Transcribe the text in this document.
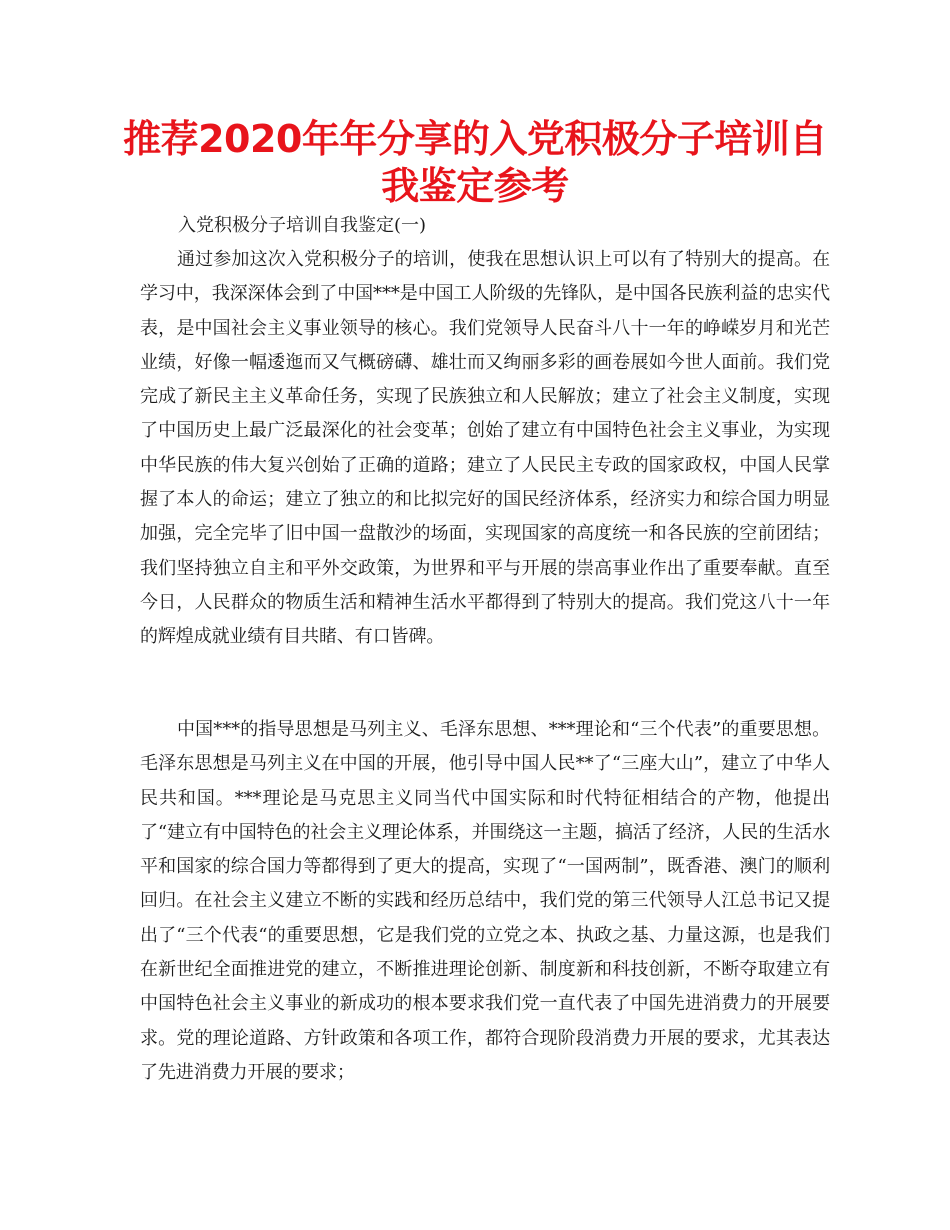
推荐2020年年分享的入党积极分子培训自我鉴定参考
入党积极分子培训自我鉴定(一)

通过参加这次入党积极分子的培训，使我在思想认识上可以有了特别大的提高。在学习中，我深深体会到了中国***是中国工人阶级的先锋队，是中国各民族利益的忠实代表，是中国社会主义事业领导的核心。我们党领导人民奋斗八十一年的峥嵘岁月和光芒业绩，好像一幅逶迤而又气概磅礴、雄壮而又绚丽多彩的画卷展如今世人面前。我们党完成了新民主主义革命任务，实现了民族独立和人民解放；建立了社会主义制度，实现了中国历史上最广泛最深化的社会变革；创始了建立有中国特色社会主义事业，为实现中华民族的伟大复兴创始了正确的道路；建立了人民民主专政的国家政权，中国人民掌握了本人的命运；建立了独立的和比拟完好的国民经济体系，经济实力和综合国力明显加强，完全完毕了旧中国一盘散沙的场面，实现国家的高度统一和各民族的空前团结；我们坚持独立自主和平外交政策，为世界和平与开展的崇高事业作出了重要奉献。直至今日，人民群众的物质生活和精神生活水平都得到了特别大的提高。我们党这八十一年的辉煌成就业绩有目共睹、有口皆碑。

中国***的指导思想是马列主义、毛泽东思想、***理论和“三个代表”的重要思想。毛泽东思想是马列主义在中国的开展，他引导中国人民**了“三座大山”，建立了中华人民共和国。***理论是马克思主义同当代中国实际和时代特征相结合的产物，他提出了“建立有中国特色的社会主义理论体系，并围绕这一主题，搞活了经济，人民的生活水平和国家的综合国力等都得到了更大的提高，实现了“一国两制”，既香港、澳门的顺利回归。在社会主义建立不断的实践和经历总结中，我们党的第三代领导人江总书记又提出了“三个代表“的重要思想，它是我们党的立党之本、执政之基、力量这源，也是我们在新世纪全面推进党的建立，不断推进理论创新、制度新和科技创新，不断夺取建立有中国特色社会主义事业的新成功的根本要求我们党一直代表了中国先进消费力的开展要求。党的理论道路、方针政策和各项工作，都符合现阶段消费力开展的要求，尤其表达了先进消费力开展的要求；
